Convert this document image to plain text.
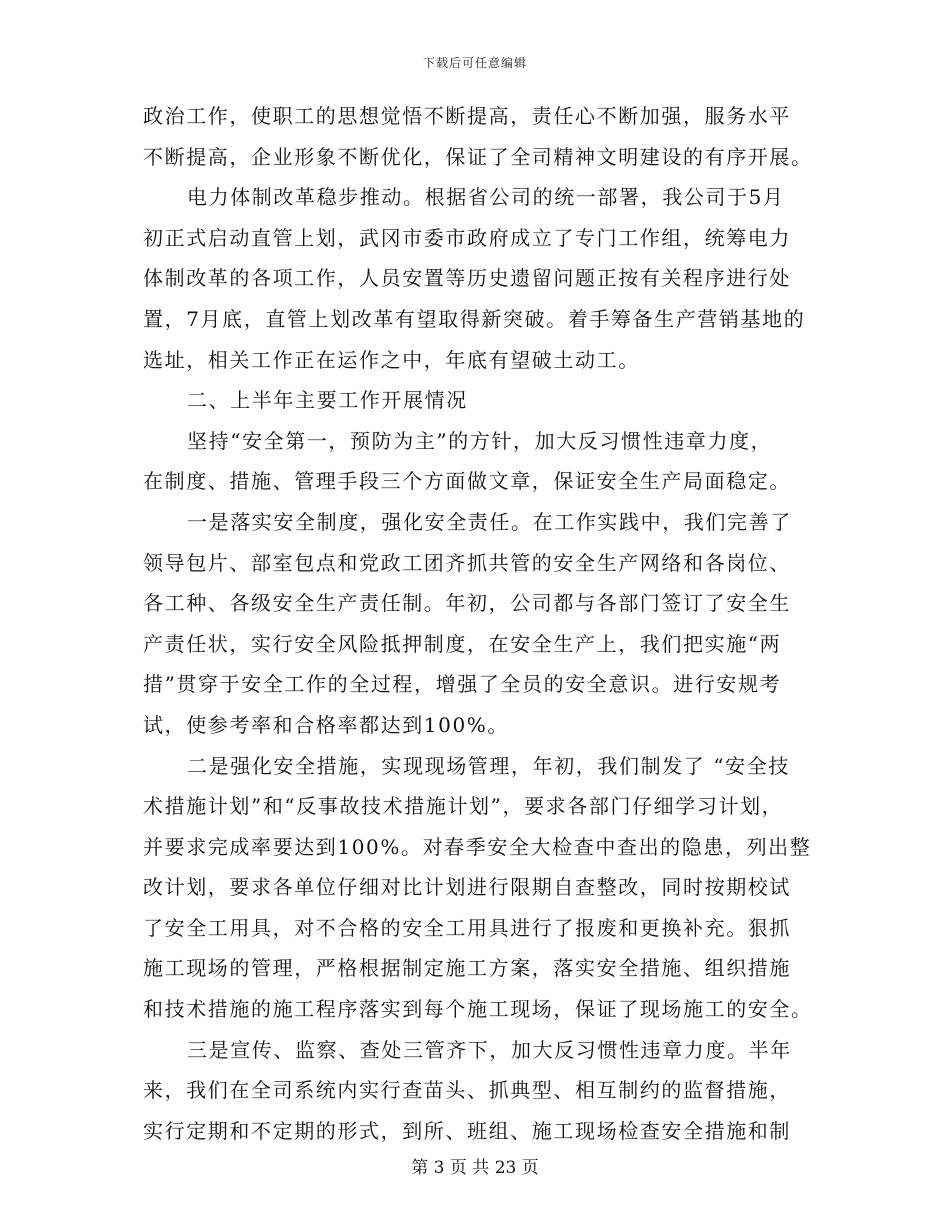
下载后可任意编辑
政治工作，使职工的思想觉悟不断提高，责任心不断加强，服务水平
不断提高，企业形象不断优化，保证了全司精神文明建设的有序开展。
电力体制改革稳步推动。根据省公司的统一部署，我公司于5月
初正式启动直管上划，武冈市委市政府成立了专门工作组，统筹电力
体制改革的各项工作，人员安置等历史遗留问题正按有关程序进行处
置，7月底，直管上划改革有望取得新突破。着手筹备生产营销基地的
选址，相关工作正在运作之中，年底有望破土动工。
二、上半年主要工作开展情况
坚持“安全第一，预防为主”的方针，加大反习惯性违章力度，
在制度、措施、管理手段三个方面做文章，保证安全生产局面稳定。
一是落实安全制度，强化安全责任。在工作实践中，我们完善了
领导包片、部室包点和党政工团齐抓共管的安全生产网络和各岗位、
各工种、各级安全生产责任制。年初，公司都与各部门签订了安全生
产责任状，实行安全风险抵押制度，在安全生产上，我们把实施“两
措”贯穿于安全工作的全过程，增强了全员的安全意识。进行安规考
试，使参考率和合格率都达到100%。
二是强化安全措施，实现现场管理，年初，我们制发了 “安全技
术措施计划”和“反事故技术措施计划”，要求各部门仔细学习计划，
并要求完成率要达到100%。对春季安全大检查中查出的隐患，列出整
改计划，要求各单位仔细对比计划进行限期自查整改，同时按期校试
了安全工用具，对不合格的安全工用具进行了报废和更换补充。狠抓
施工现场的管理，严格根据制定施工方案，落实安全措施、组织措施
和技术措施的施工程序落实到每个施工现场，保证了现场施工的安全。
三是宣传、监察、查处三管齐下，加大反习惯性违章力度。半年
来，我们在全司系统内实行查苗头、抓典型、相互制约的监督措施，
实行定期和不定期的形式，到所、班组、施工现场检查安全措施和制
第 3 页 共 23 页
